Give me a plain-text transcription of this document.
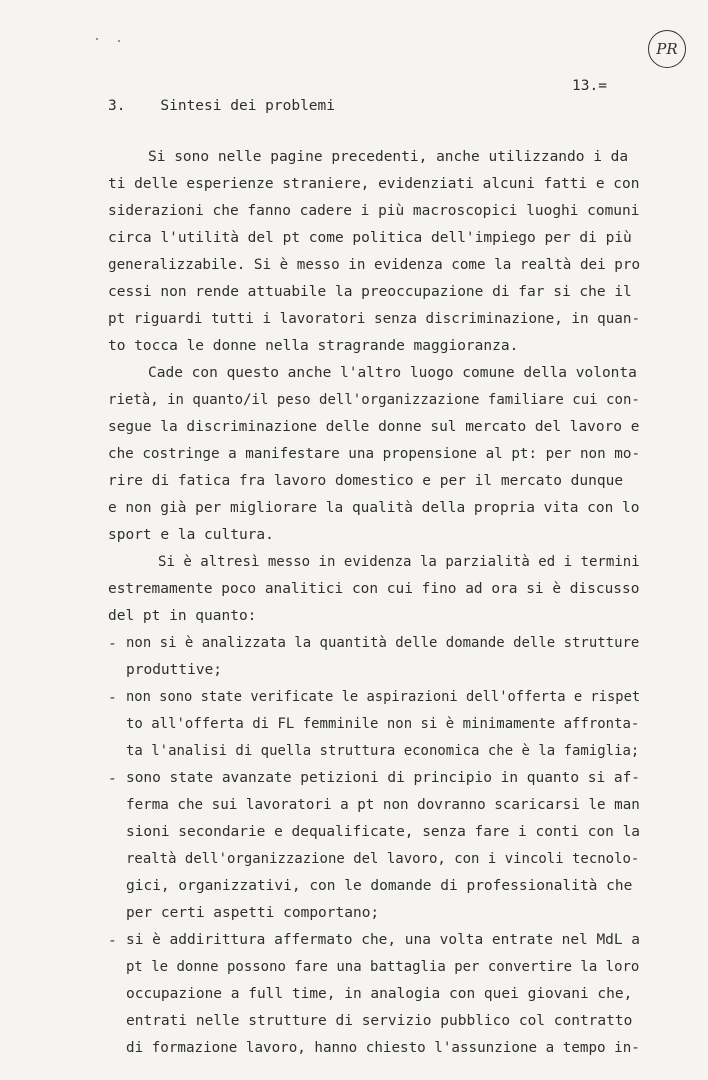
PR
13.=
3. Sintesi dei problemi
Si sono nelle pagine precedenti, anche utilizzando i da
ti delle esperienze straniere, evidenziati alcuni fatti e con
siderazioni che fanno cadere i più macroscopici luoghi comuni
circa l'utilità del pt come politica dell'impiego per di più
generalizzabile. Si è messo in evidenza come la realtà dei pro
cessi non rende attuabile la preoccupazione di far si che il
pt riguardi tutti i lavoratori senza discriminazione, in quan-
to tocca le donne nella stragrande maggioranza.
Cade con questo anche l'altro luogo comune della volonta
rietà, in quanto/il peso dell'organizzazione familiare cui con-
segue la discriminazione delle donne sul mercato del lavoro e
che costringe a manifestare una propensione al pt: per non mo-
rire di fatica fra lavoro domestico e per il mercato dunque
e non già per migliorare la qualità della propria vita con lo
sport e la cultura.
Si è altresì messo in evidenza la parzialità ed i termini
estremamente poco analitici con cui fino ad ora si è discusso
del pt in quanto:
- non si è analizzata la quantità delle domande delle strutture
produttive;
- non sono state verificate le aspirazioni dell'offerta e rispet
to all'offerta di FL femminile non si è minimamente affronta-
ta l'analisi di quella struttura economica che è la famiglia;
- sono state avanzate petizioni di principio in quanto si af-
ferma che sui lavoratori a pt non dovranno scaricarsi le man
sioni secondarie e dequalificate, senza fare i conti con la
realtà dell'organizzazione del lavoro, con i vincoli tecnolo-
gici, organizzativi, con le domande di professionalità che
per certi aspetti comportano;
- si è addirittura affermato che, una volta entrate nel MdL a
pt le donne possono fare una battaglia per convertire la loro
occupazione a full time, in analogia con quei giovani che,
entrati nelle strutture di servizio pubblico col contratto
di formazione lavoro, hanno chiesto l'assunzione a tempo in-
